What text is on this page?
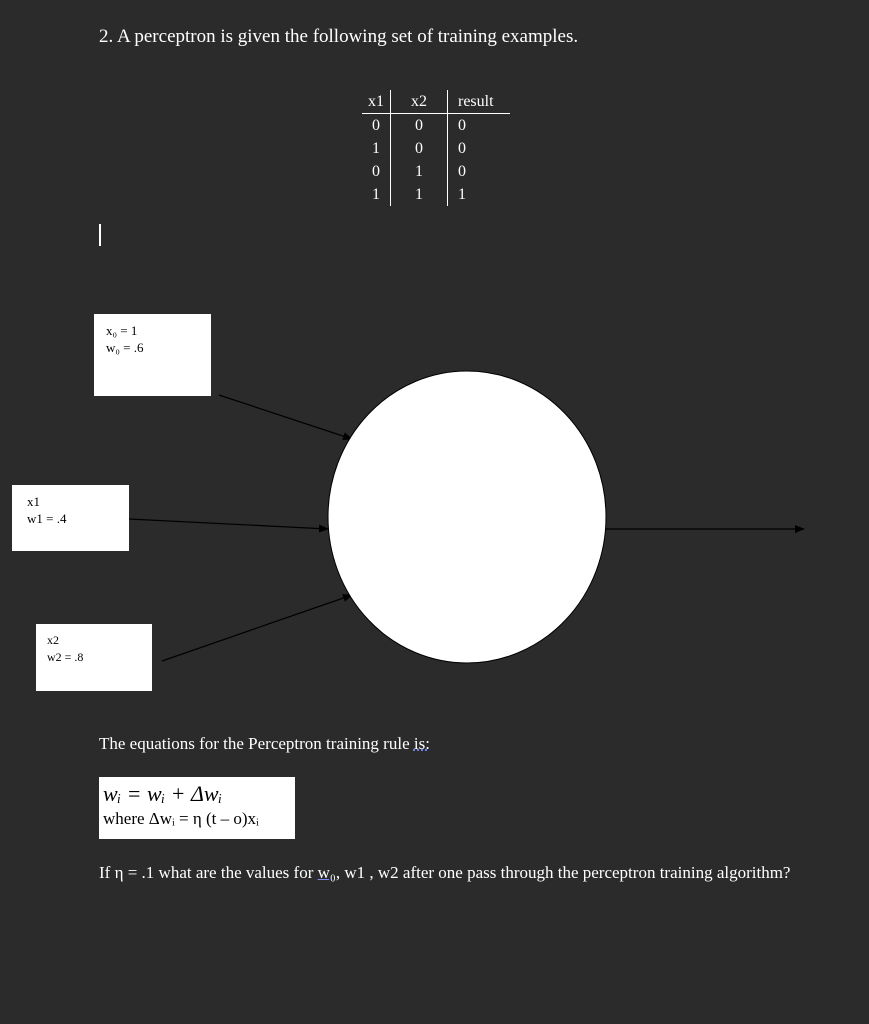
2. A perceptron is given the following set of training examples.
x1	x2	result
0	0	0
1	0	0
0	1	0
1	1	1
x₀ = 1
w₀ = .6
x1
w1 = .4
x2
w2 = .8
The equations for the Perceptron training rule is:
wᵢ = wᵢ + Δwᵢ
where Δwᵢ = η (t – o)xᵢ
If η = .1 what are the values for w₀, w1 , w2 after one pass through the perceptron training algorithm?
